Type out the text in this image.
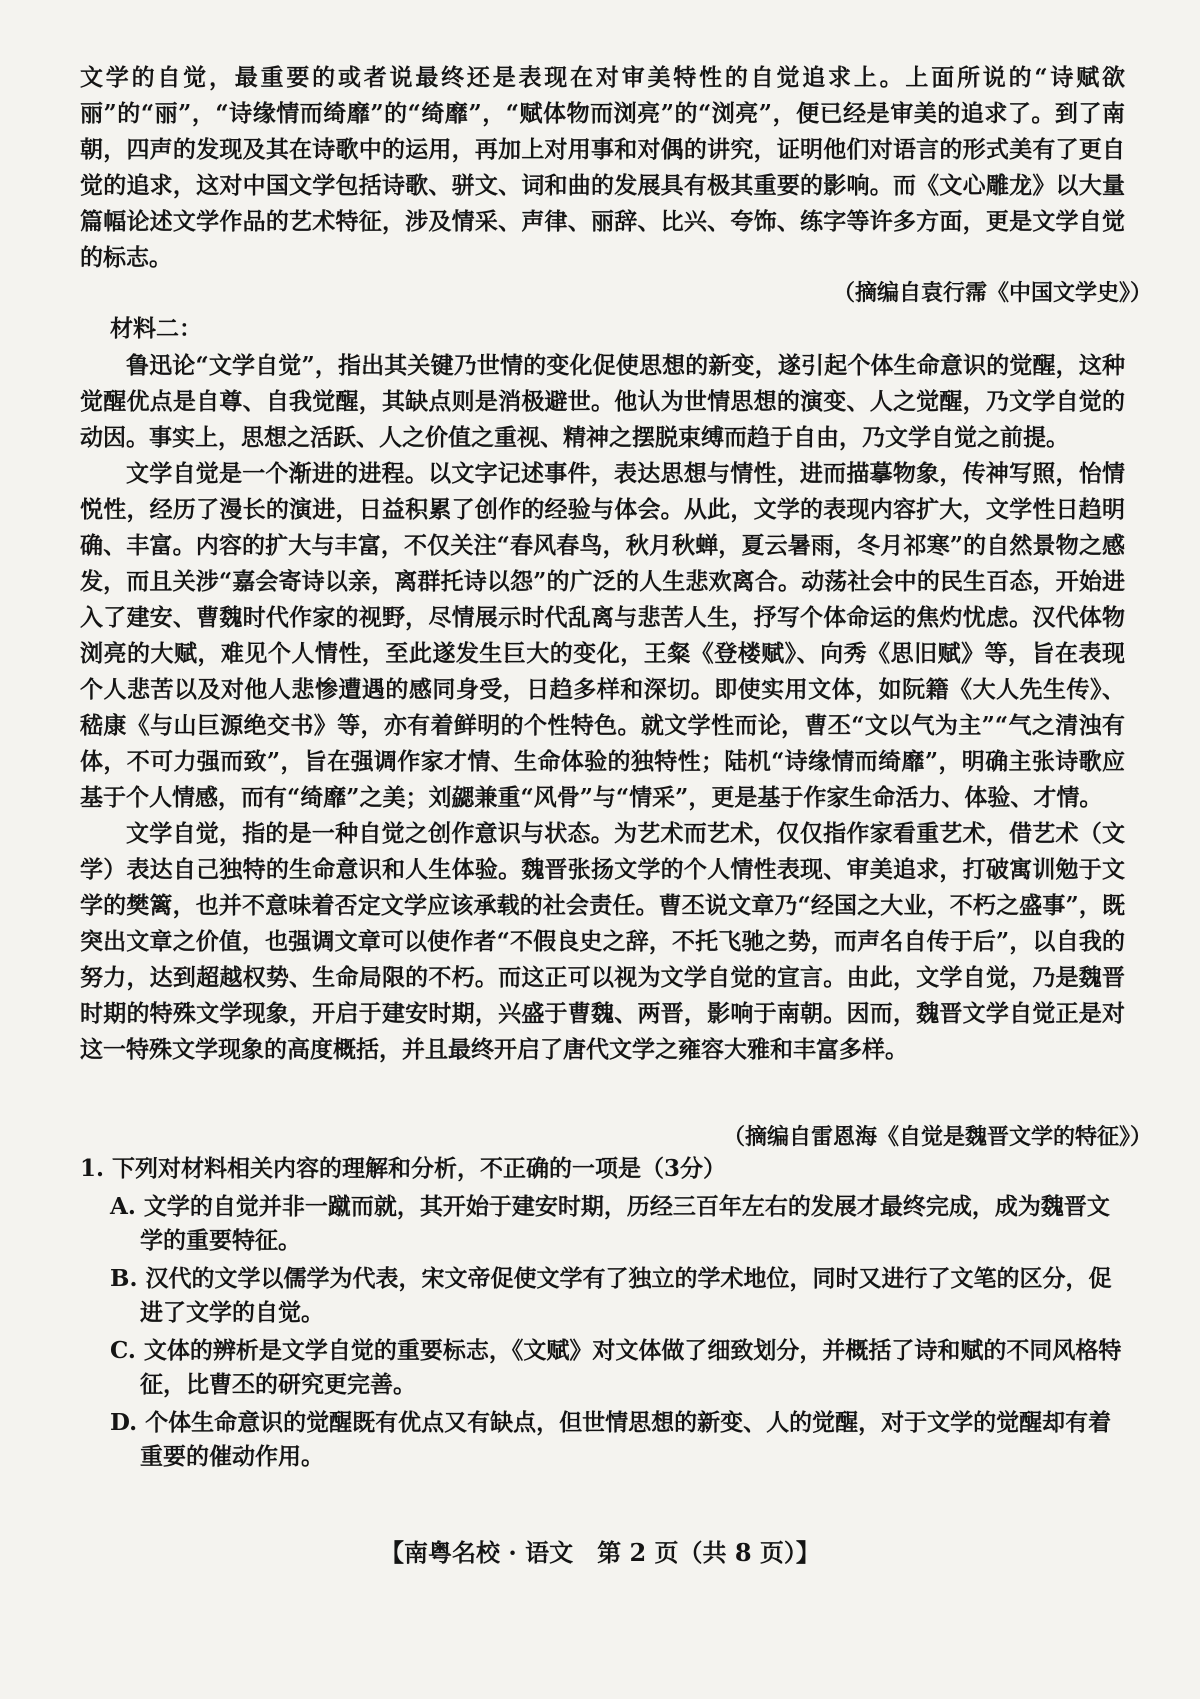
文学的自觉，最重要的或者说最终还是表现在对审美特性的自觉追求上。上面所说的“诗赋欲丽”的“丽”，“诗缘情而绮靡”的“绮靡”，“赋体物而浏亮”的“浏亮”，便已经是审美的追求了。到了南朝，四声的发现及其在诗歌中的运用，再加上对用事和对偶的讲究，证明他们对语言的形式美有了更自觉的追求，这对中国文学包括诗歌、骈文、词和曲的发展具有极其重要的影响。而《文心雕龙》以大量篇幅论述文学作品的艺术特征，涉及情采、声律、丽辞、比兴、夸饰、练字等许多方面，更是文学自觉的标志。

（摘编自袁行霈《中国文学史》）
材料二：

鲁迅论“文学自觉”，指出其关键乃世情的变化促使思想的新变，遂引起个体生命意识的觉醒，这种觉醒优点是自尊、自我觉醒，其缺点则是消极避世。他认为世情思想的演变、人之觉醒，乃文学自觉的动因。事实上，思想之活跃、人之价值之重视、精神之摆脱束缚而趋于自由，乃文学自觉之前提。

文学自觉是一个渐进的进程。以文字记述事件，表达思想与情性，进而描摹物象，传神写照，怡情悦性，经历了漫长的演进，日益积累了创作的经验与体会。从此，文学的表现内容扩大，文学性日趋明确、丰富。内容的扩大与丰富，不仅关注“春风春鸟，秋月秋蝉，夏云暑雨，冬月祁寒”的自然景物之感发，而且关涉“嘉会寄诗以亲，离群托诗以怨”的广泛的人生悲欢离合。动荡社会中的民生百态，开始进入了建安、曹魏时代作家的视野，尽情展示时代乱离与悲苦人生，抒写个体命运的焦灼忧虑。汉代体物浏亮的大赋，难见个人情性，至此遂发生巨大的变化，王粲《登楼赋》、向秀《思旧赋》等，旨在表现个人悲苦以及对他人悲惨遭遇的感同身受，日趋多样和深切。即使实用文体，如阮籍《大人先生传》、嵇康《与山巨源绝交书》等，亦有着鲜明的个性特色。就文学性而论，曹丕“文以气为主”“气之清浊有体，不可力强而致”，旨在强调作家才情、生命体验的独特性；陆机“诗缘情而绮靡”，明确主张诗歌应基于个人情感，而有“绮靡”之美；刘勰兼重“风骨”与“情采”，更是基于作家生命活力、体验、才情。

文学自觉，指的是一种自觉之创作意识与状态。为艺术而艺术，仅仅指作家看重艺术，借艺术（文学）表达自己独特的生命意识和人生体验。魏晋张扬文学的个人情性表现、审美追求，打破寓训勉于文学的樊篱，也并不意味着否定文学应该承载的社会责任。曹丕说文章乃“经国之大业，不朽之盛事”，既突出文章之价值，也强调文章可以使作者“不假良史之辞，不托飞驰之势，而声名自传于后”，以自我的努力，达到超越权势、生命局限的不朽。而这正可以视为文学自觉的宣言。由此，文学自觉，乃是魏晋时期的特殊文学现象，开启于建安时期，兴盛于曹魏、两晋，影响于南朝。因而，魏晋文学自觉正是对这一特殊文学现象的高度概括，并且最终开启了唐代文学之雍容大雅和丰富多样。

（摘编自雷恩海《自觉是魏晋文学的特征》）

1. 下列对材料相关内容的理解和分析，不正确的一项是（3分）

A. 文学的自觉并非一蹴而就，其开始于建安时期，历经三百年左右的发展才最终完成，成为魏晋文学的重要特征。

B. 汉代的文学以儒学为代表，宋文帝促使文学有了独立的学术地位，同时又进行了文笔的区分，促进了文学的自觉。

C. 文体的辨析是文学自觉的重要标志，《文赋》对文体做了细致划分，并概括了诗和赋的不同风格特征，比曹丕的研究更完善。

D. 个体生命意识的觉醒既有优点又有缺点，但世情思想的新变、人的觉醒，对于文学的觉醒却有着重要的催动作用。

【南粤名校 · 语文　第 2 页（共 8 页）】
